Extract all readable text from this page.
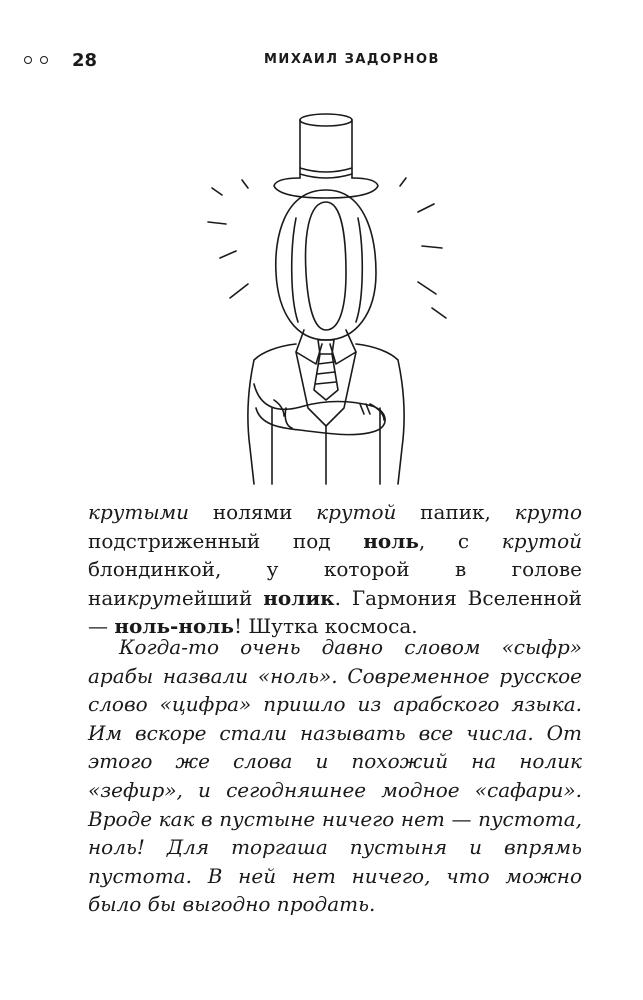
28	МИХАИЛ ЗАДОРНОВ

крутыми нолями крутой папик, круто подстриженный под ноль, с крутой блондинкой, у которой в голове наикрутейший нолик. Гармония Вселенной — ноль-ноль! Шутка космоса.

Когда-то очень давно словом «сыфр» арабы назвали «ноль». Современное русское слово «цифра» пришло из арабского языка. Им вскоре стали называть все числа. От этого же слова и похожий на нолик «зефир», и сегодняшнее модное «сафари». Вроде как в пустыне ничего нет — пустота, ноль! Для торгаша пустыня и впрямь пустота. В ней нет ничего, что можно было бы выгодно продать.
